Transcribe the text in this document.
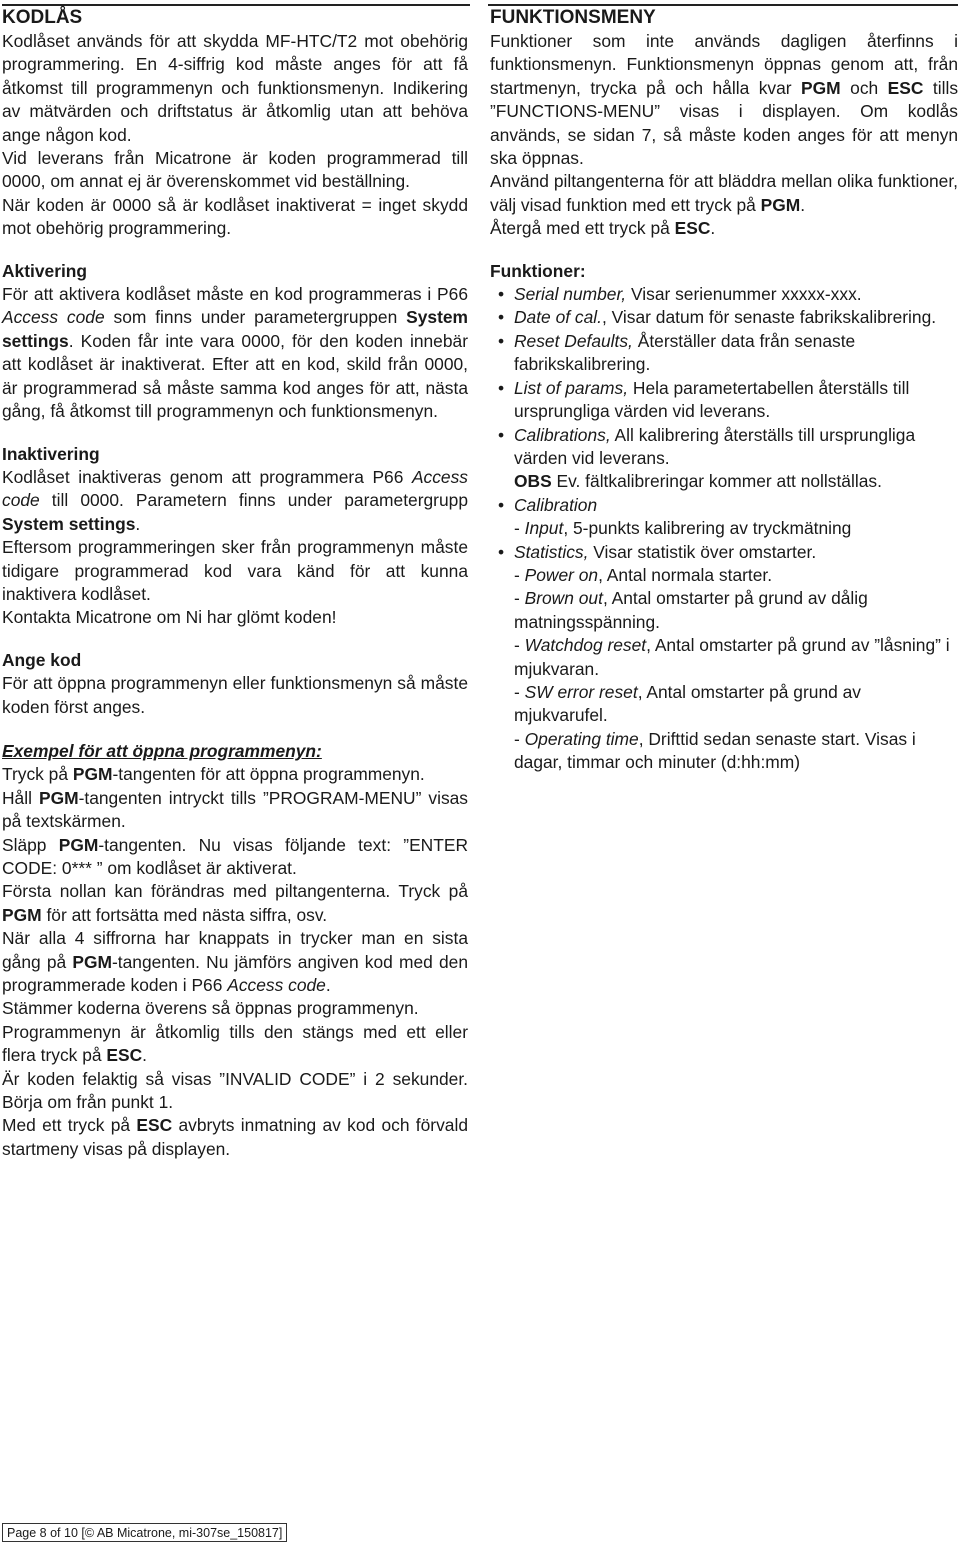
KODLÅS

Kodlåset används för att skydda MF-HTC/T2 mot obehörig programmering. En 4-siffrig kod måste anges för att få åtkomst till programmenyn och funktionsmenyn. Indikering av mätvärden och driftstatus är åtkomlig utan att behöva ange någon kod.

Vid leverans från Micatrone är koden programmerad till 0000, om annat ej är överenskommet vid beställning.

När koden är 0000 så är kodlåset inaktiverat = inget skydd mot obehörig programmering.

Aktivering

För att aktivera kodlåset måste en kod programmeras i P66 Access code som finns under parametergruppen System settings. Koden får inte vara 0000, för den koden innebär att kodlåset är inaktiverat. Efter att en kod, skild från 0000, är programmerad så måste samma kod anges för att, nästa gång, få åtkomst till programmenyn och funktionsmenyn.

Inaktivering

Kodlåset inaktiveras genom att programmera P66 Access code till 0000. Parametern finns under parametergrupp System settings.

Eftersom programmeringen sker från programmenyn måste tidigare programmerad kod vara känd för att kunna inaktivera kodlåset.

Kontakta Micatrone om Ni har glömt koden!

Ange kod

För att öppna programmenyn eller funktionsmenyn så måste koden först anges.

Exempel för att öppna programmenyn:

Tryck på PGM-tangenten för att öppna programmenyn.

Håll PGM-tangenten intryckt tills ”PROGRAM-MENU” visas på textskärmen.

Släpp PGM-tangenten. Nu visas följande text: ”ENTER CODE: 0*** ” om kodlåset är aktiverat.

Första nollan kan förändras med piltangenterna. Tryck på PGM för att fortsätta med nästa siffra, osv.

När alla 4 siffrorna har knappats in trycker man en sista gång på PGM-tangenten. Nu jämförs angiven kod med den programmerade koden i P66 Access code.

Stämmer koderna överens så öppnas programmenyn.

Programmenyn är åtkomlig tills den stängs med ett eller flera tryck på ESC.

Är koden felaktig så visas ”INVALID CODE” i 2 sekunder. Börja om från punkt 1.

Med ett tryck på ESC avbryts inmatning av kod och förvald startmeny visas på displayen.

FUNKTIONSMENY

Funktioner som inte används dagligen återfinns i funktionsmenyn. Funktionsmenyn öppnas genom att, från startmenyn, trycka på och hålla kvar PGM och ESC tills ”FUNCTIONS-MENU” visas i displayen. Om kodlås används, se sidan 7, så måste koden anges för att menyn ska öppnas.

Använd piltangenterna för att bläddra mellan olika funktioner, välj visad funktion med ett tryck på PGM.

Återgå med ett tryck på ESC.

Funktioner:
• Serial number, Visar serienummer xxxxx-xxx.
• Date of cal., Visar datum för senaste fabrikskalibrering.
• Reset Defaults, Återställer data från senaste fabrikskalibrering.
• List of params, Hela parametertabellen återställs till ursprungliga värden vid leverans.
• Calibrations, All kalibrering återställs till ursprungliga värden vid leverans.
OBS Ev. fältkalibreringar kommer att nollställas.
• Calibration
- Input, 5-punkts kalibrering av tryckmätning
• Statistics, Visar statistik över omstarter.
- Power on, Antal normala starter.
- Brown out, Antal omstarter på grund av dålig matningsspänning.
- Watchdog reset, Antal omstarter på grund av ”låsning” i mjukvaran.
- SW error reset, Antal omstarter på grund av mjukvarufel.
- Operating time, Drifttid sedan senaste start. Visas i dagar, timmar och minuter (d:hh:mm)
Page 8 of 10 [© AB Micatrone, mi-307se_150817]
